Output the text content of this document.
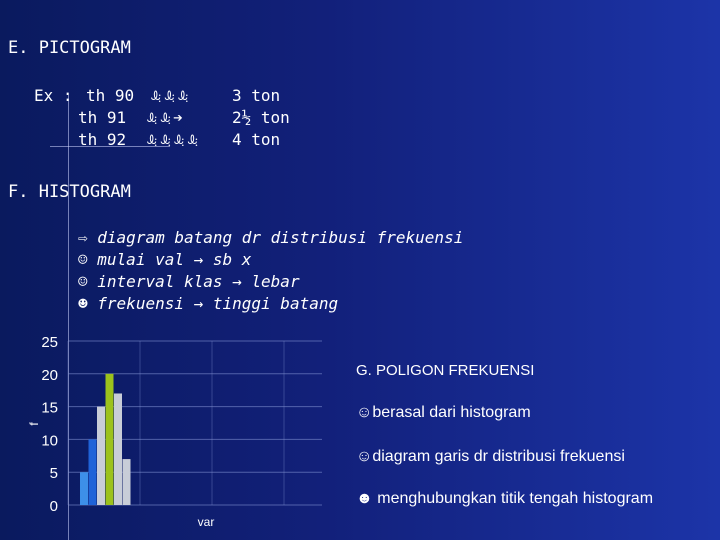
E. PICTOGRAM
Ex : th 90 ꕋꕋꕋ	3 ton
th 91 ꕋꕋ➔	2½ ton
th 92 ꕋꕋꕋꕋ 4 ton
F. HISTOGRAM
⇨ diagram batang dr distribusi frekuensi
☺ mulai val → sb x
☺ interval klas → lebar
☻ frekuensi → tinggi batang
0
5
10
15
20
25
f
var
G. POLIGON FREKUENSI
☺berasal dari histogram
☺diagram garis dr distribusi frekuensi
☻ menghubungkan titik tengah histogram
